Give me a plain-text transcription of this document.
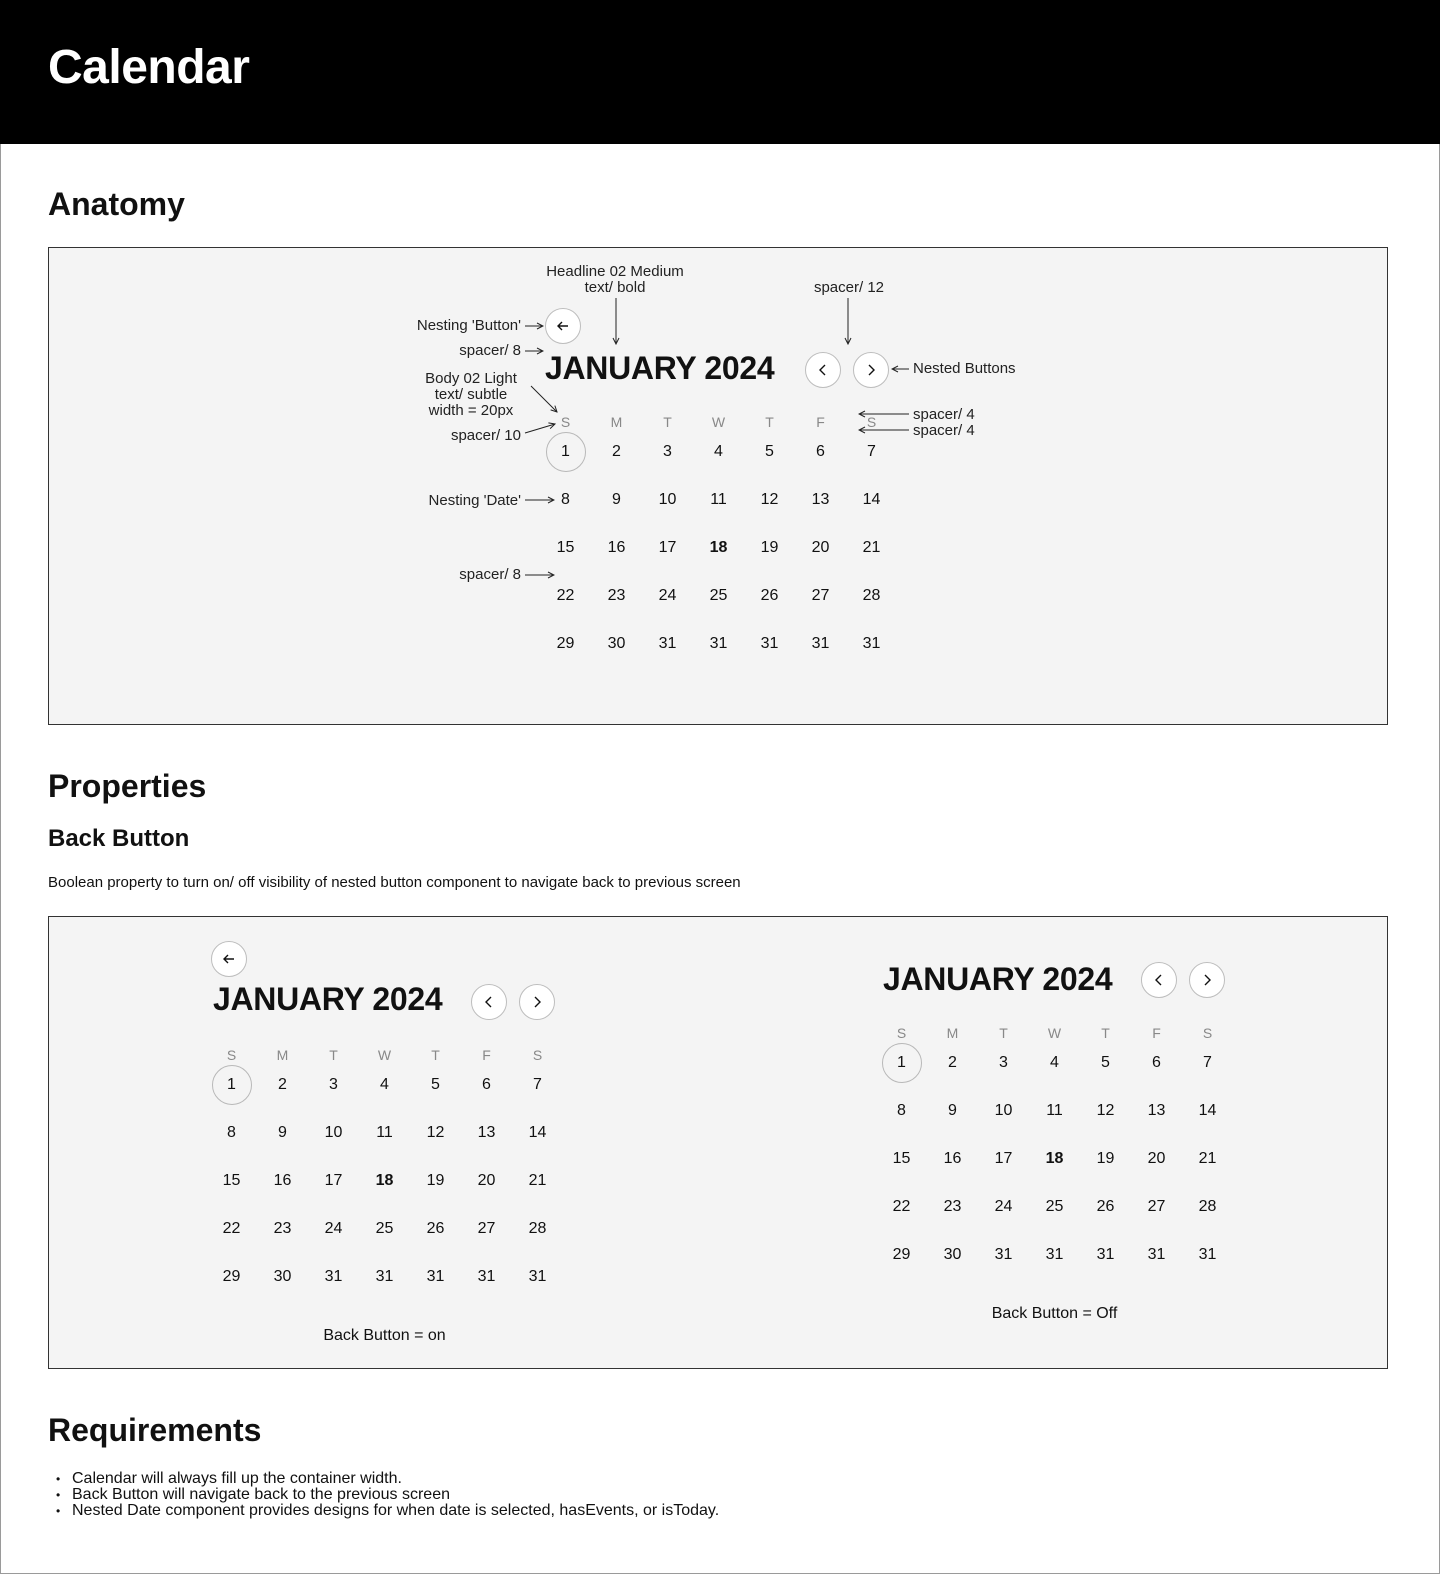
Calendar
Anatomy
Headline 02 Medium
text/ bold	spacer/ 12
Nesting 'Button'
spacer/ 8
Nested Buttons
Body 02 Light
text/ subtle
width = 20px
spacer/ 10
spacer/ 4
spacer/ 4
Nesting 'Date'
spacer/ 8
JANUARY 2024
S	M	T	W	T	F	S
1	2	3	4	5	6	7
8	9	10	11	12	13	14
15	16	17	18	19	20	21
22	23	24	25	26	27	28
29	30	31	31	31	31	31
Properties
Back Button
Boolean property to turn on/ off visibility of nested button component to navigate back to previous screen
JANUARY 2024
S	M	T	W	T	F	S
1	2	3	4	5	6	7
8	9	10	11	12	13	14
15	16	17	18	19	20	21
22	23	24	25	26	27	28
29	30	31	31	31	31	31
Back Button = on
JANUARY 2024
S	M	T	W	T	F	S
1	2	3	4	5	6	7
8	9	10	11	12	13	14
15	16	17	18	19	20	21
22	23	24	25	26	27	28
29	30	31	31	31	31	31
Back Button = Off
Requirements
• Calendar will always fill up the container width.
• Back Button will navigate back to the previous screen
• Nested Date component provides designs for when date is selected, hasEvents, or isToday.
